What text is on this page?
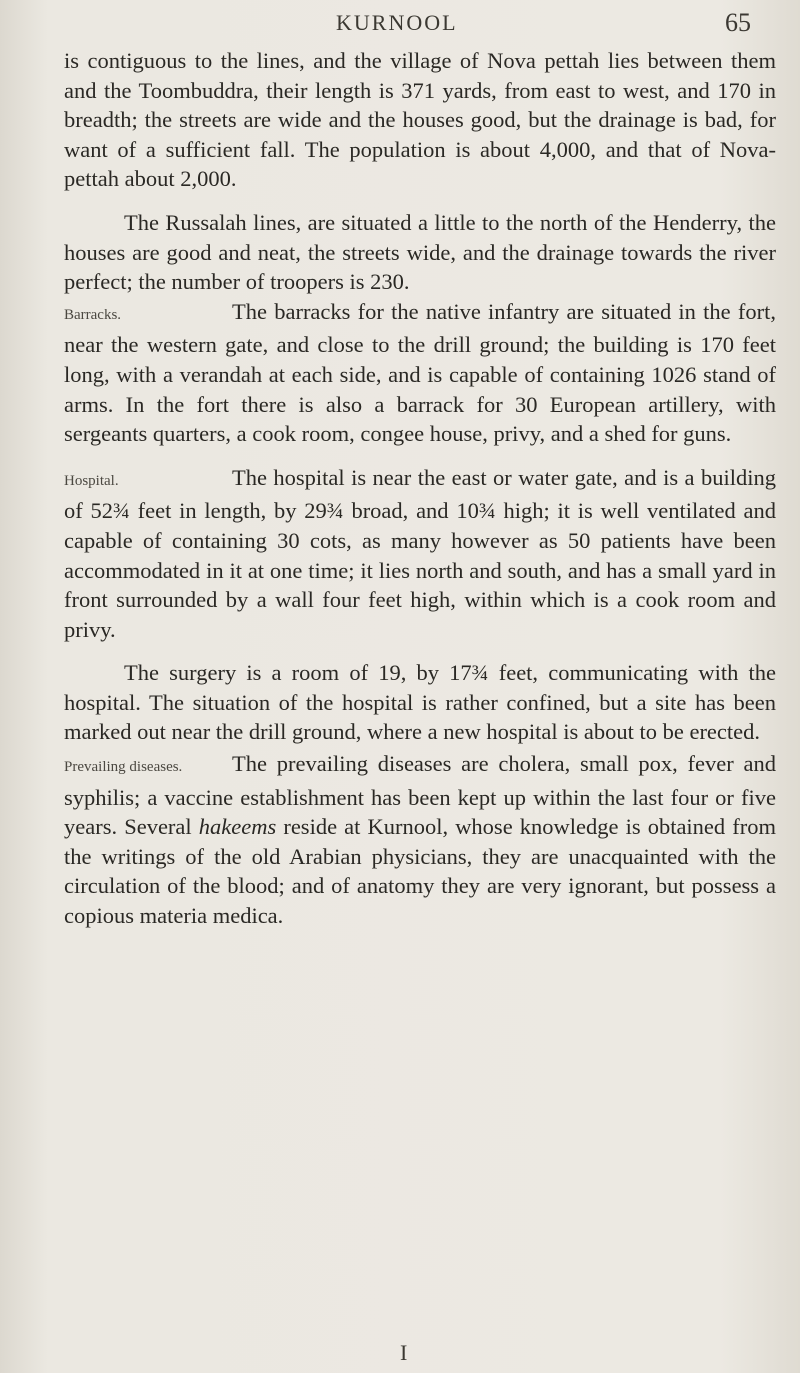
KURNOOL	65

is contiguous to the lines, and the village of Nova pettah lies between them and the Toombuddra, their length is 371 yards, from east to west, and 170 in breadth; the streets are wide and the houses good, but the drainage is bad, for want of a sufficient fall. The population is about 4,000, and that of Nova-pettah about 2,000.

The Russalah lines, are situated a little to the north of the Henderry, the houses are good and neat, the streets wide, and the drainage towards the river perfect; the number of troopers is 230.

Barracks.	The barracks for the native infantry are situated in the fort, near the western gate, and close to the drill ground; the building is 170 feet long, with a verandah at each side, and is capable of containing 1026 stand of arms. In the fort there is also a barrack for 30 European artillery, with sergeants quarters, a cook room, congee house, privy, and a shed for guns.

Hospital.	The hospital is near the east or water gate, and is a building of 52¾ feet in length, by 29¾ broad, and 10¾ high; it is well ventilated and capable of containing 30 cots, as many however as 50 patients have been accommodated in it at one time; it lies north and south, and has a small yard in front surrounded by a wall four feet high, within which is a cook room and privy.

The surgery is a room of 19, by 17¾ feet, communicating with the hospital. The situation of the hospital is rather confined, but a site has been marked out near the drill ground, where a new hospital is about to be erected.

Prevailing diseases. The prevailing diseases are cholera, small pox, fever and syphilis; a vaccine establishment has been kept up within the last four or five years. Several hakeems reside at Kurnool, whose knowledge is obtained from the writings of the old Arabian physicians, they are unacquainted with the circulation of the blood; and of anatomy they are very ignorant, but possess a copious materia medica.

I
